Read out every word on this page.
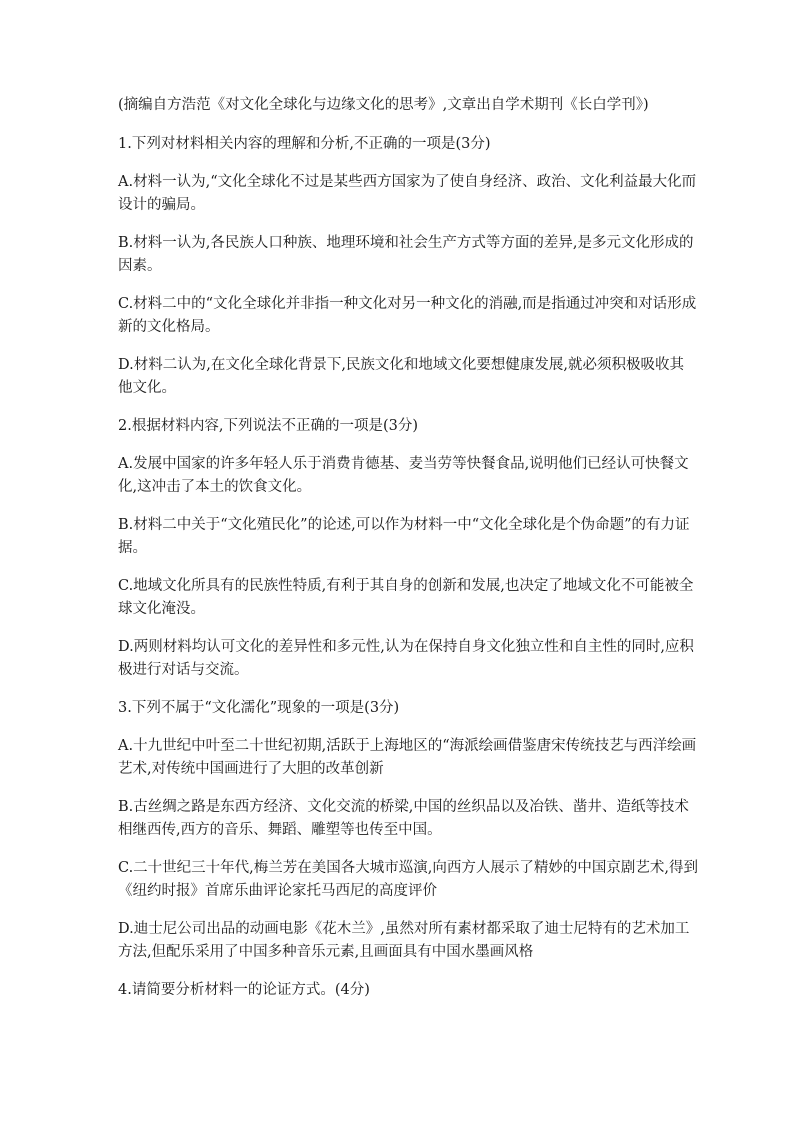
(摘编自方浩范《对文化全球化与边缘文化的思考》,文章出自学术期刊《长白学刊》)

1.下列对材料相关内容的理解和分析,不正确的一项是(3分)

A.材料一认为,“文化全球化不过是某些西方国家为了使自身经济、政治、文化利益最大化而设计的骗局。

B.材料一认为,各民族人口种族、地理环境和社会生产方式等方面的差异,是多元文化形成的因素。

C.材料二中的“文化全球化并非指一种文化对另一种文化的消融,而是指通过冲突和对话形成新的文化格局。

D.材料二认为,在文化全球化背景下,民族文化和地域文化要想健康发展,就必须积极吸收其他文化。

2.根据材料内容,下列说法不正确的一项是(3分)

A.发展中国家的许多年轻人乐于消费肯德基、麦当劳等快餐食品,说明他们已经认可快餐文化,这冲击了本土的饮食文化。

B.材料二中关于“文化殖民化”的论述,可以作为材料一中“文化全球化是个伪命题”的有力证据。

C.地域文化所具有的民族性特质,有利于其自身的创新和发展,也决定了地域文化不可能被全球文化淹没。

D.两则材料均认可文化的差异性和多元性,认为在保持自身文化独立性和自主性的同时,应积极进行对话与交流。

3.下列不属于“文化濡化”现象的一项是(3分)

A.十九世纪中叶至二十世纪初期,活跃于上海地区的“海派绘画借鉴唐宋传统技艺与西洋绘画艺术,对传统中国画进行了大胆的改革创新

B.古丝绸之路是东西方经济、文化交流的桥梁,中国的丝织品以及冶铁、凿井、造纸等技术相继西传,西方的音乐、舞蹈、雕塑等也传至中国。

C.二十世纪三十年代,梅兰芳在美国各大城市巡演,向西方人展示了精妙的中国京剧艺术,得到《纽约时报》首席乐曲评论家托马西尼的高度评价

D.迪士尼公司出品的动画电影《花木兰》,虽然对所有素材都采取了迪士尼特有的艺术加工方法,但配乐采用了中国多种音乐元素,且画面具有中国水墨画风格

4.请简要分析材料一的论证方式。(4分)
